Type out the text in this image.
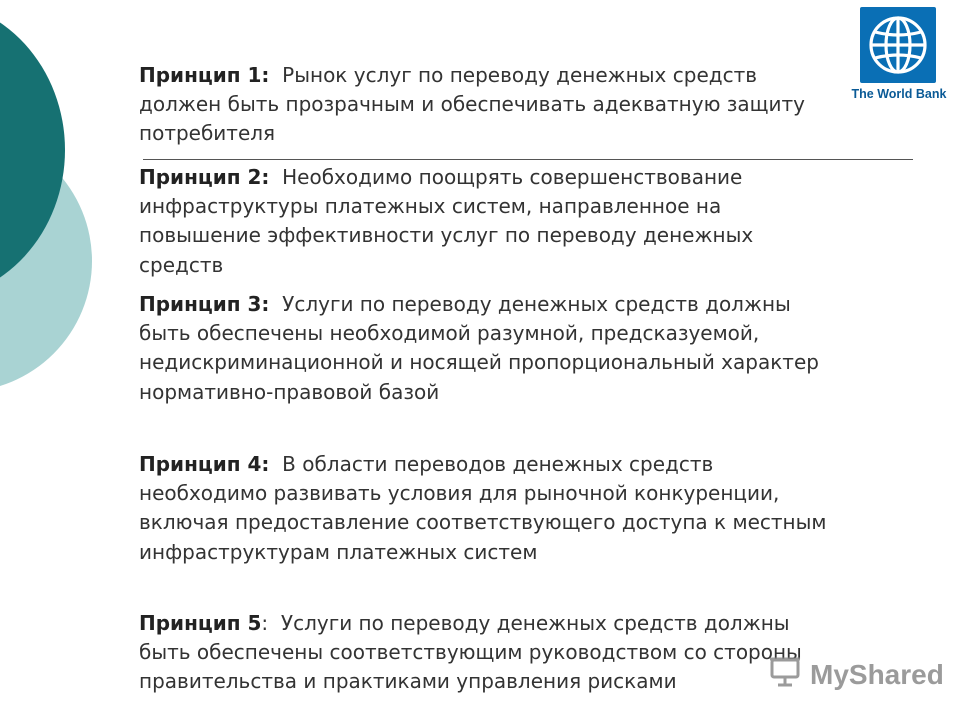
The World Bank
Принцип 1: Рынок услуг по переводу денежных средств должен быть прозрачным и обеспечивать адекватную защиту потребителя
Принцип 2: Необходимо поощрять совершенствование инфраструктуры платежных систем, направленное на повышение эффективности услуг по переводу денежных средств
Принцип 3: Услуги по переводу денежных средств должны быть обеспечены необходимой разумной, предсказуемой, недискриминационной и носящей пропорциональный характер нормативно-правовой базой
Принцип 4: В области переводов денежных средств необходимо развивать условия для рыночной конкуренции, включая предоставление соответствующего доступа к местным инфраструктурам платежных систем
Принцип 5: Услуги по переводу денежных средств должны быть обеспечены соответствующим руководством со стороны правительства и практиками управления рисками	MyShared
